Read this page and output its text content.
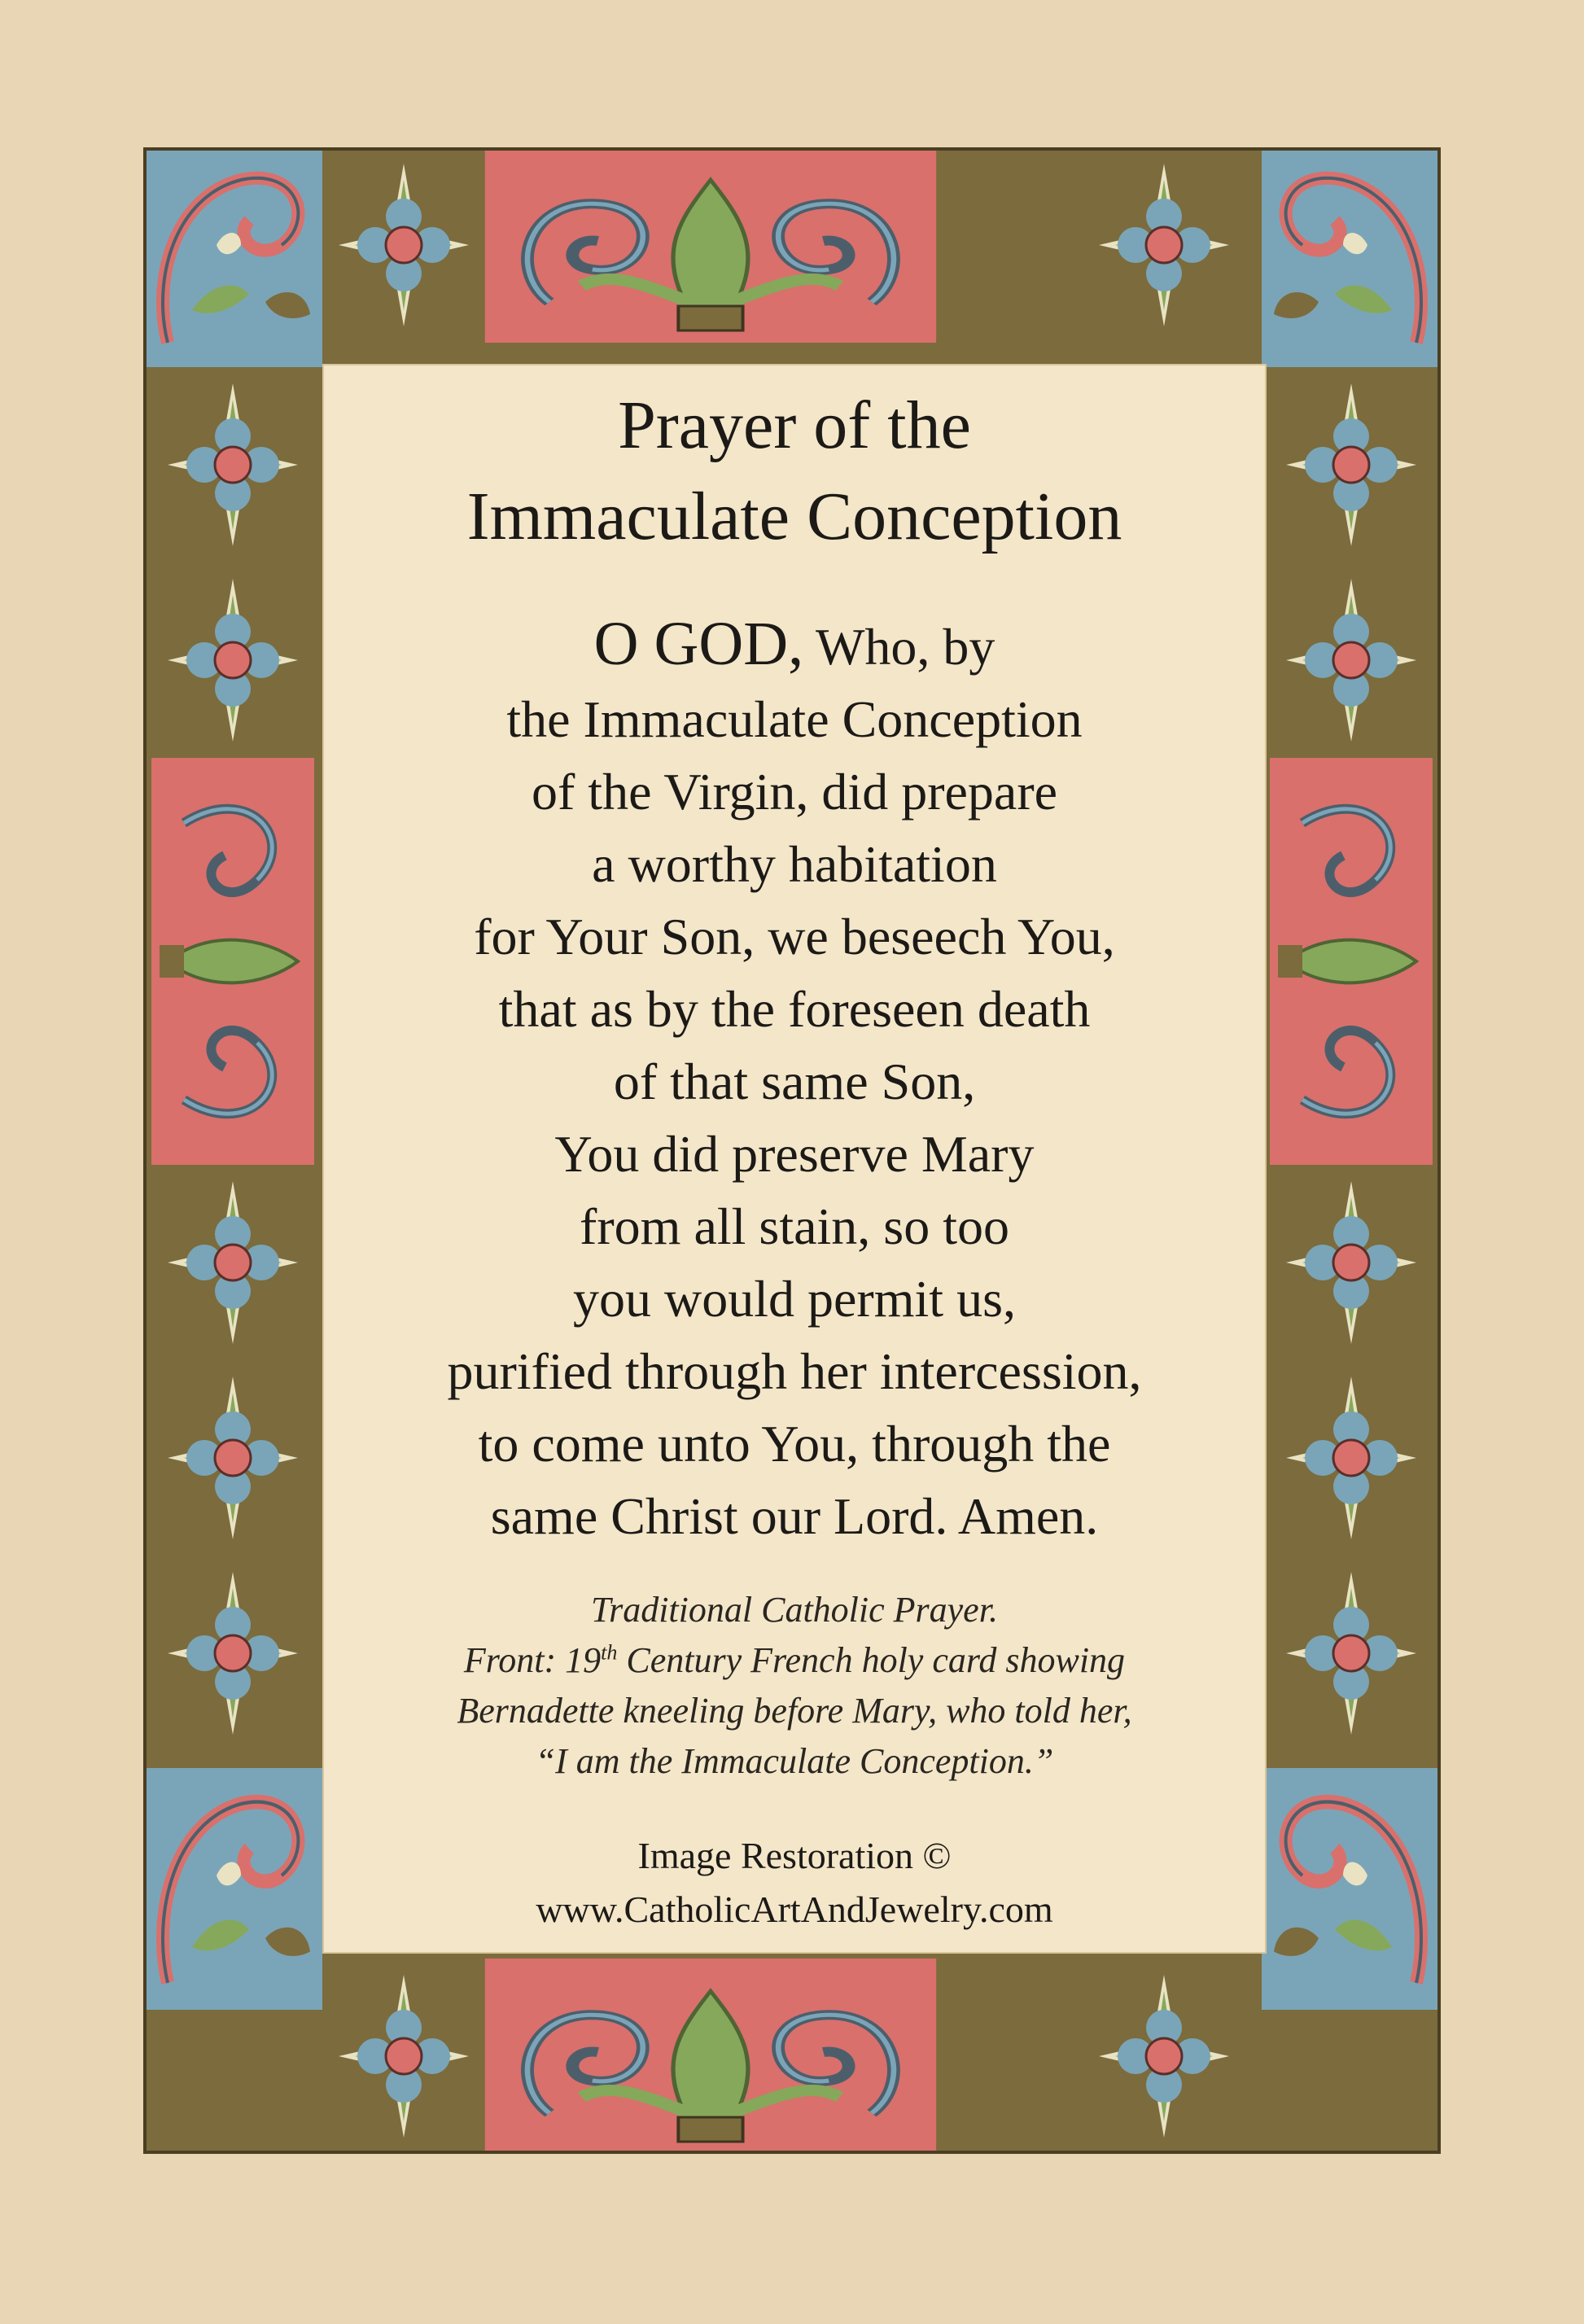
Prayer of the
Immaculate Conception
O GOD, Who, by
the Immaculate Conception
of the Virgin, did prepare
a worthy habitation
for Your Son, we beseech You,
that as by the foreseen death
of that same Son,
You did preserve Mary
from all stain, so too
you would permit us,
purified through her intercession,
to come unto You, through the
same Christ our Lord. Amen.
Traditional Catholic Prayer.
Front: 19th Century French holy card showing
Bernadette kneeling before Mary, who told her,
“I am the Immaculate Conception.”
Image Restoration ©
www.CatholicArtAndJewelry.com
